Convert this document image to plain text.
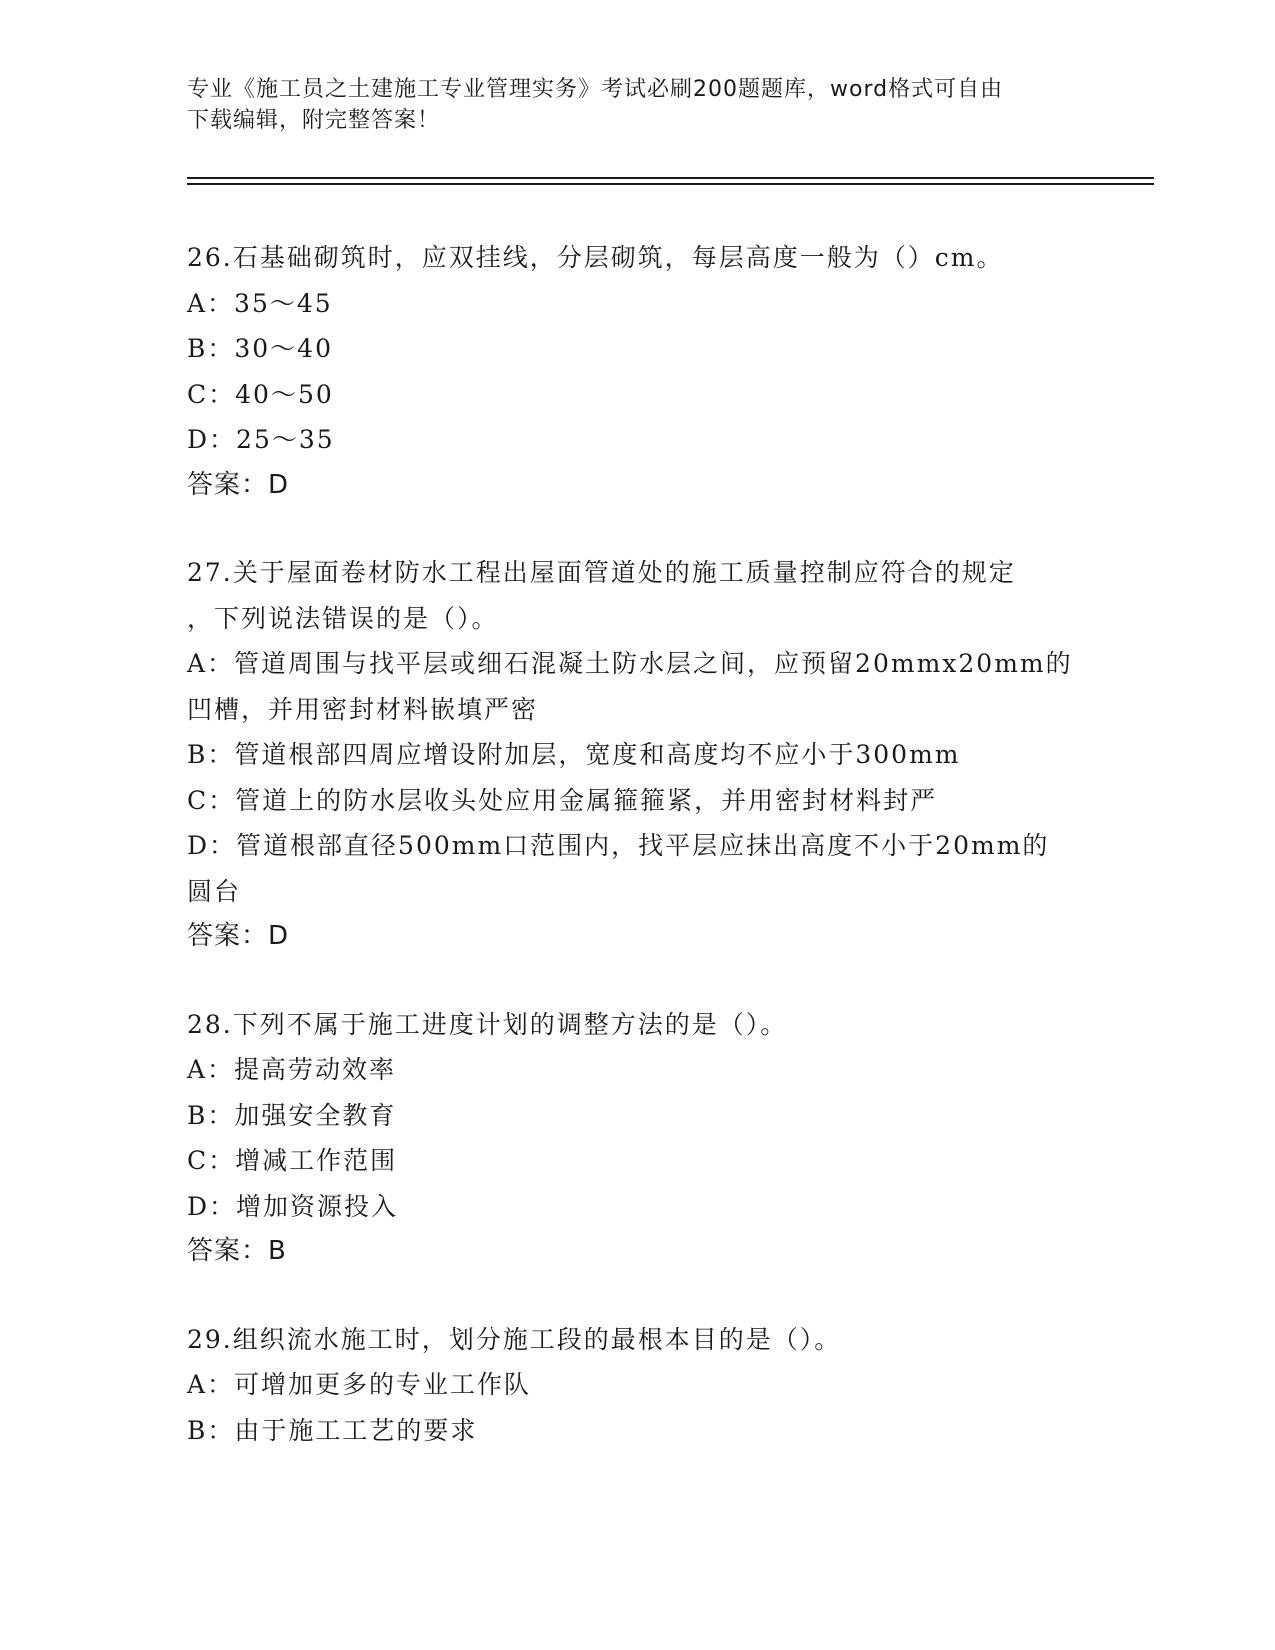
专业《施工员之土建施工专业管理实务》考试必刷200题题库，word格式可自由
下载编辑，附完整答案！
26.石基础砌筑时，应双挂线，分层砌筑，每层高度一般为（）cm。
A：35～45
B：30～40
C：40～50
D：25～35
答案：D
27.关于屋面卷材防水工程出屋面管道处的施工质量控制应符合的规定
，下列说法错误的是（）。
A：管道周围与找平层或细石混凝土防水层之间，应预留20mmx20mm的
凹槽，并用密封材料嵌填严密
B：管道根部四周应增设附加层，宽度和高度均不应小于300mm
C：管道上的防水层收头处应用金属箍箍紧，并用密封材料封严
D：管道根部直径500mm口范围内，找平层应抹出高度不小于20mm的
圆台
答案：D
28.下列不属于施工进度计划的调整方法的是（）。
A：提高劳动效率
B：加强安全教育
C：增减工作范围
D：增加资源投入
答案：B
29.组织流水施工时，划分施工段的最根本目的是（）。
A：可增加更多的专业工作队
B：由于施工工艺的要求
